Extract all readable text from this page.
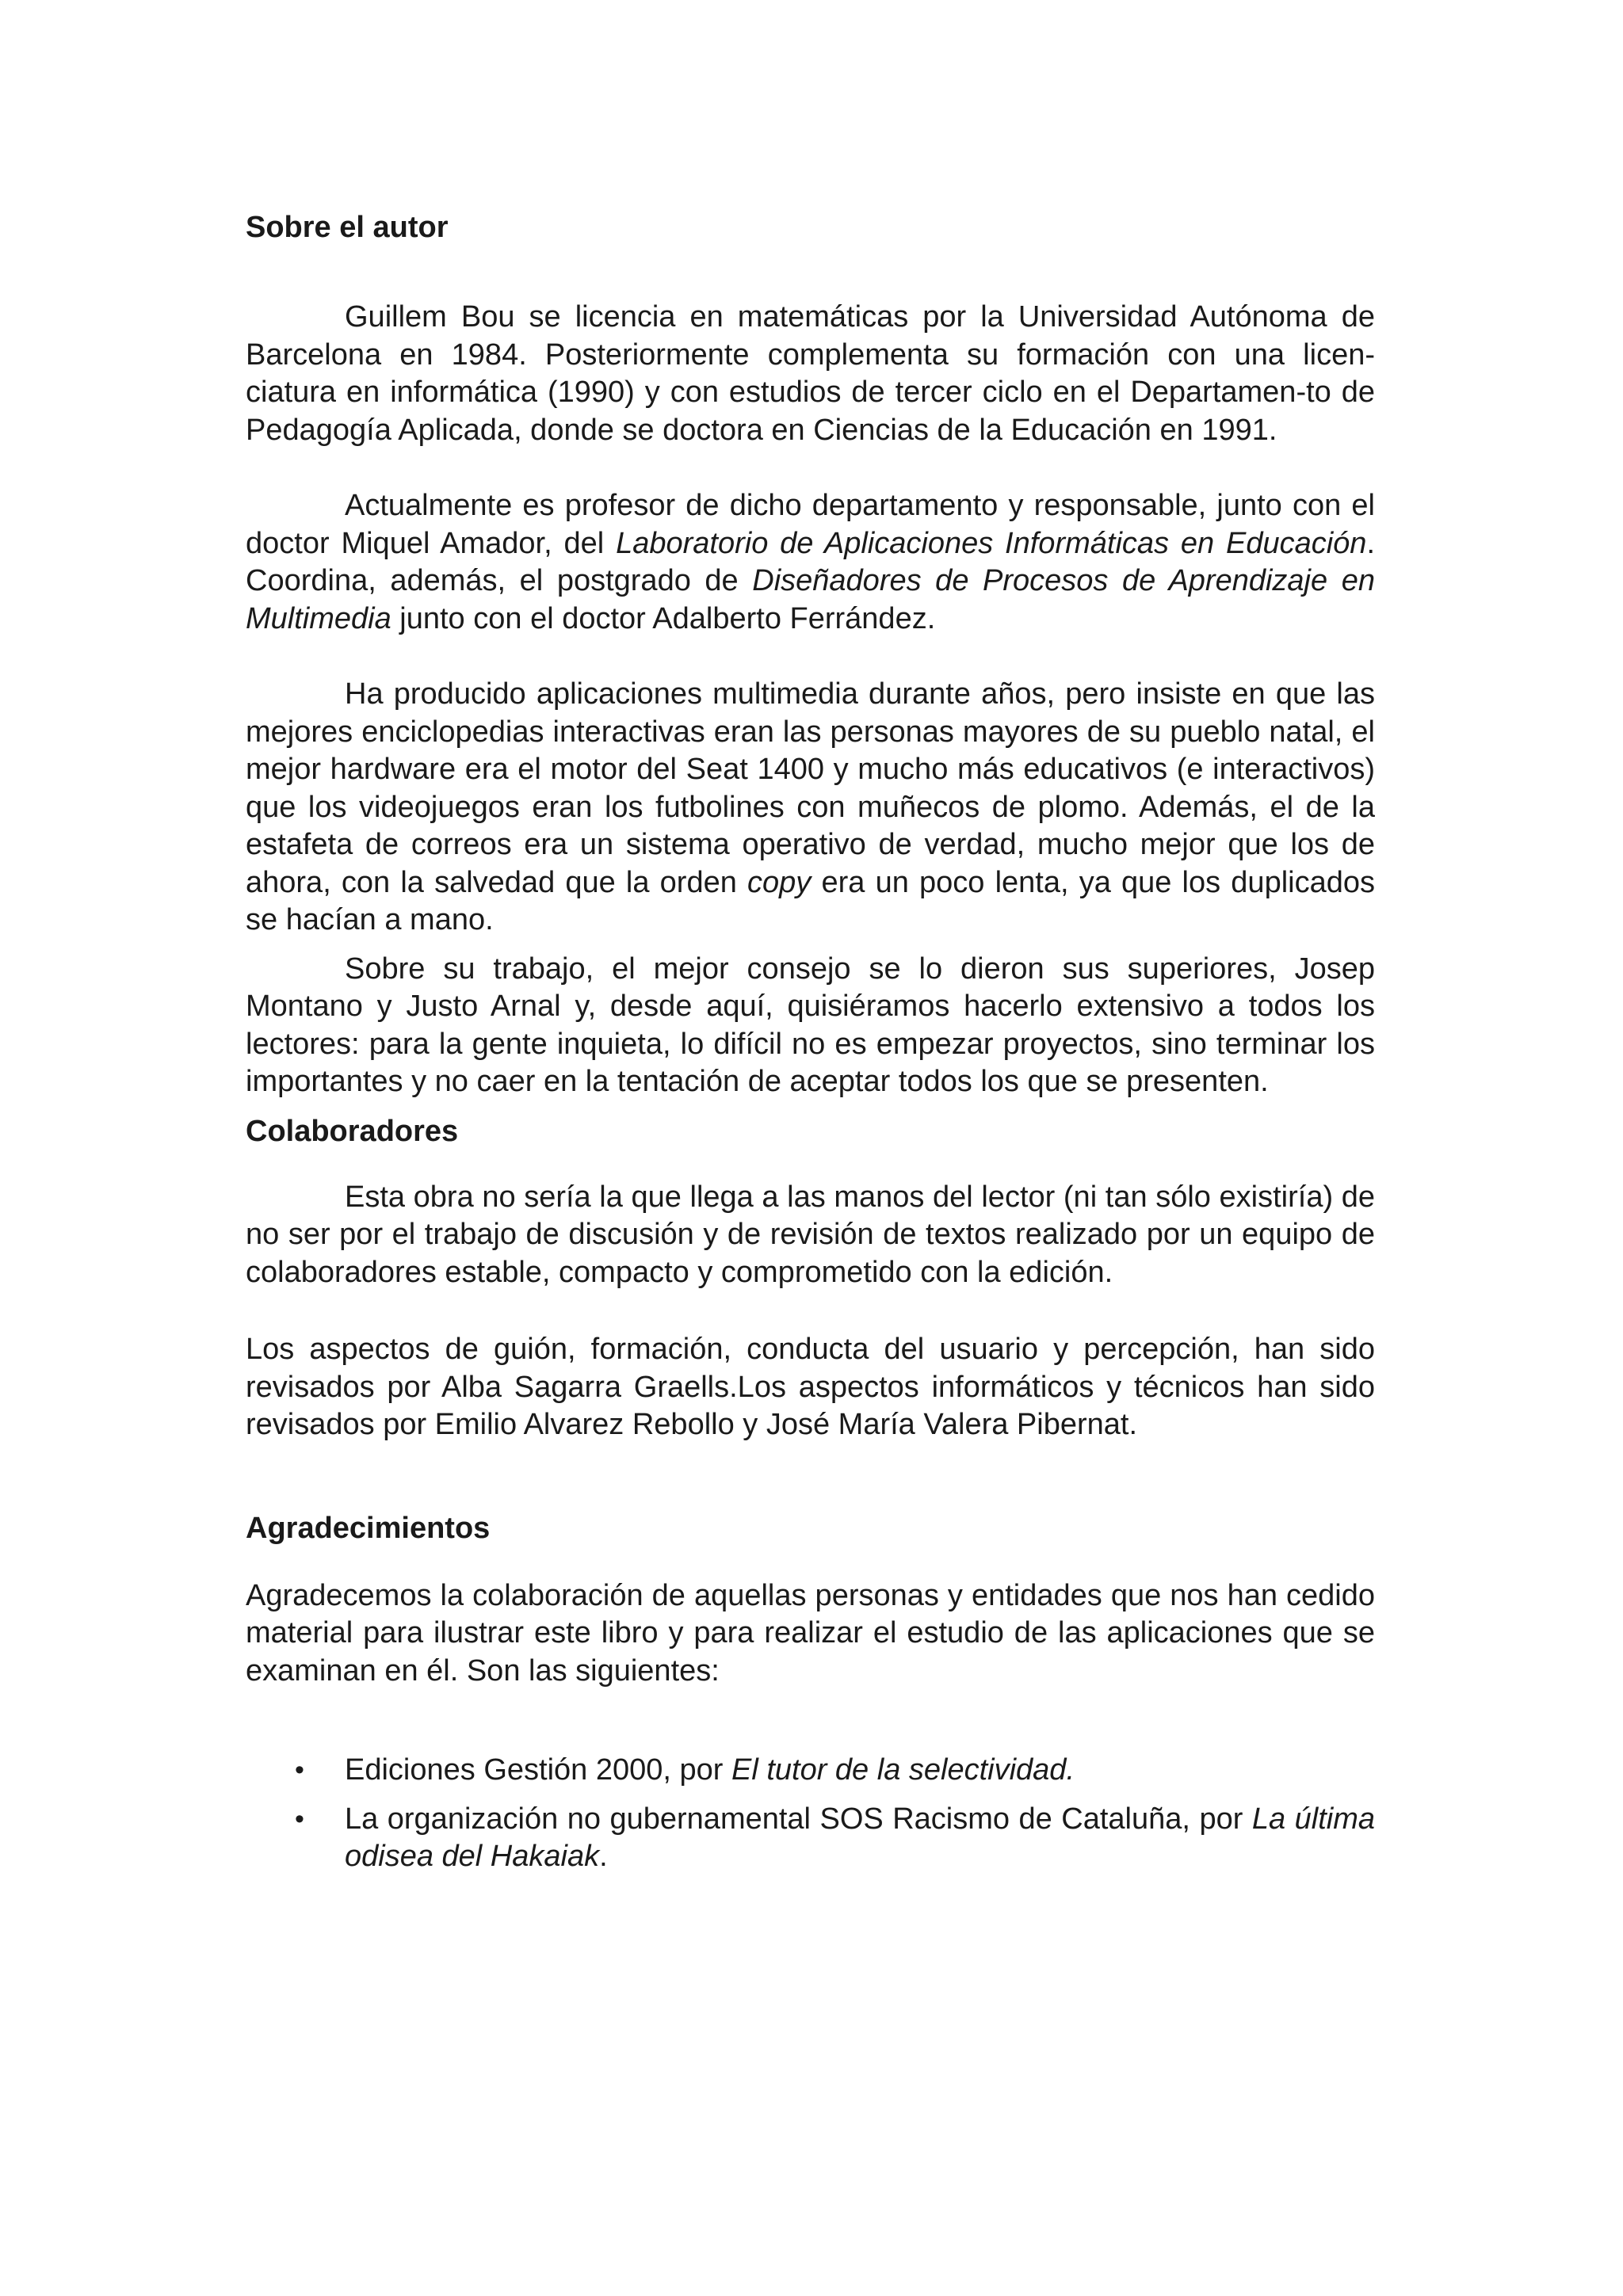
Sobre el autor

Guillem Bou se licencia en matemáticas por la Universidad Autónoma de Barcelona en 1984. Posteriormente complementa su formación con una licen-ciatura en informática (1990) y con estudios de tercer ciclo en el Departamen-to de Pedagogía Aplicada, donde se doctora en Ciencias de la Educación en 1991.

Actualmente es profesor de dicho departamento y responsable, junto con el doctor Miquel Amador, del Laboratorio de Aplicaciones Informáticas en Educación. Coordina, además, el postgrado de Diseñadores de Procesos de Aprendizaje en Multimedia junto con el doctor Adalberto Ferrández.

Ha producido aplicaciones multimedia durante años, pero insiste en que las mejores enciclopedias interactivas eran las personas mayores de su pueblo natal, el mejor hardware era el motor del Seat 1400 y mucho más educativos (e interactivos) que los videojuegos eran los futbolines con muñecos de plomo. Además, el de la estafeta de correos era un sistema operativo de verdad, mucho mejor que los de ahora, con la salvedad que la orden copy era un poco lenta, ya que los duplicados se hacían a mano.

Sobre su trabajo, el mejor consejo se lo dieron sus superiores, Josep Montano y Justo Arnal y, desde aquí, quisiéramos hacerlo extensivo a todos los lectores: para la gente inquieta, lo difícil no es empezar proyectos, sino terminar los importantes y no caer en la tentación de aceptar todos los que se presenten.

Colaboradores

Esta obra no sería la que llega a las manos del lector (ni tan sólo existiría) de no ser por el trabajo de discusión y de revisión de textos realizado por un equipo de colaboradores estable, compacto y comprometido con la edición.

Los aspectos de guión, formación, conducta del usuario y percepción, han sido revisados por Alba Sagarra Graells.Los aspectos informáticos y técnicos han sido revisados por Emilio Alvarez Rebollo y José María Valera Pibernat.

Agradecimientos

Agradecemos la colaboración de aquellas personas y entidades que nos han cedido material para ilustrar este libro y para realizar el estudio de las aplicaciones que se examinan en él. Son las siguientes:

• Ediciones Gestión 2000, por El tutor de la selectividad.
• La organización no gubernamental SOS Racismo de Cataluña, por La última odisea del Hakaiak.
